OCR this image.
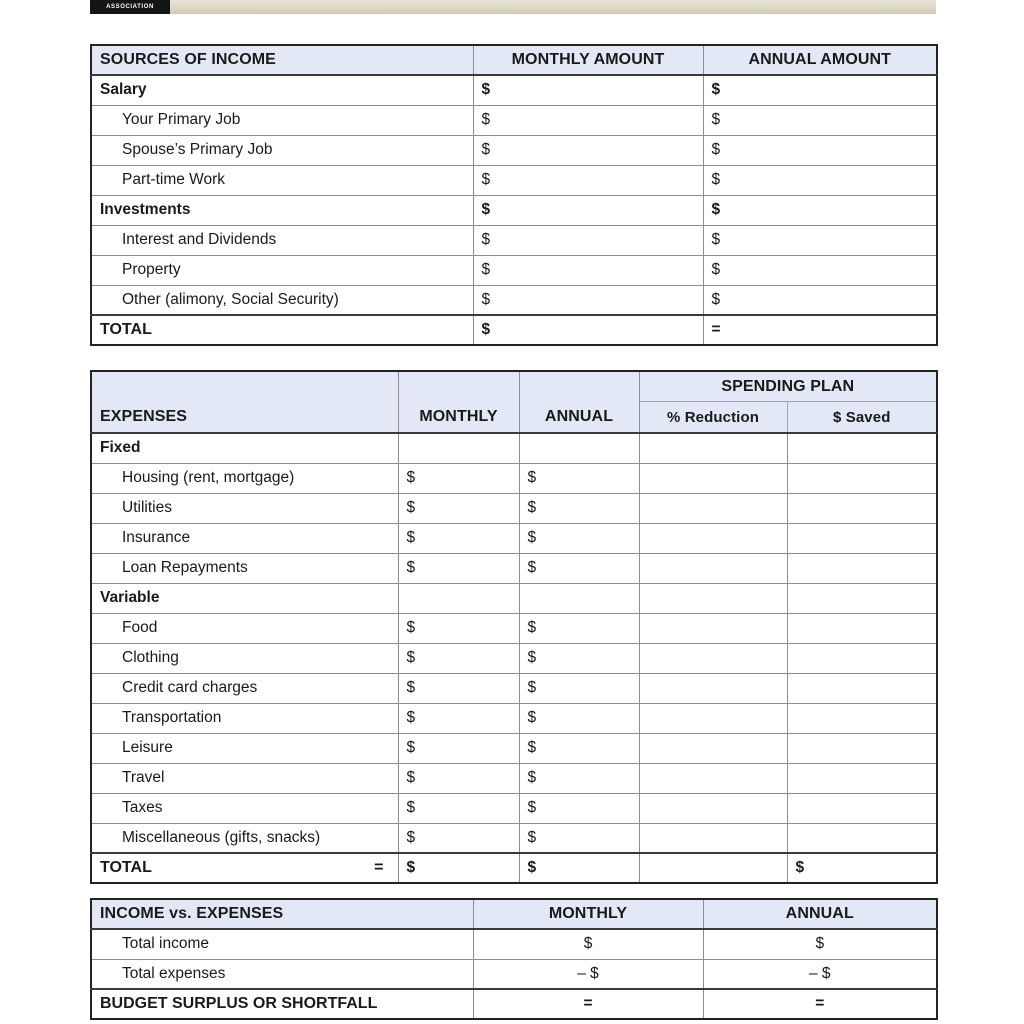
ASSOCIATION
SOURCES OF INCOME	MONTHLY AMOUNT	ANNUAL AMOUNT
Salary	$	$
Your Primary Job	$	$
Spouse’s Primary Job	$	$
Part-time Work	$	$
Investments	$	$
Interest and Dividends	$	$
Property	$	$
Other (alimony, Social Security)	$	$
TOTAL	$	=
EXPENSES	MONTHLY	ANNUAL	SPENDING PLAN
% Reduction $ Saved	

Fixed				
Housing (rent, mortgage)	$	$		
Utilities	$	$		
Insurance	$	$		
Loan Repayments	$	$		
Variable				
Food	$	$		
Clothing	$	$		
Credit card charges	$	$		
Transportation	$	$		
Leisure	$	$		
Travel	$	$		
Taxes	$	$		
Miscellaneous (gifts, snacks)	$	$		

TOTAL =	$	$		$
INCOME vs. EXPENSES	MONTHLY	ANNUAL
Total income	$	$
Total expenses	– $	– $
BUDGET SURPLUS OR SHORTFALL	=	=
